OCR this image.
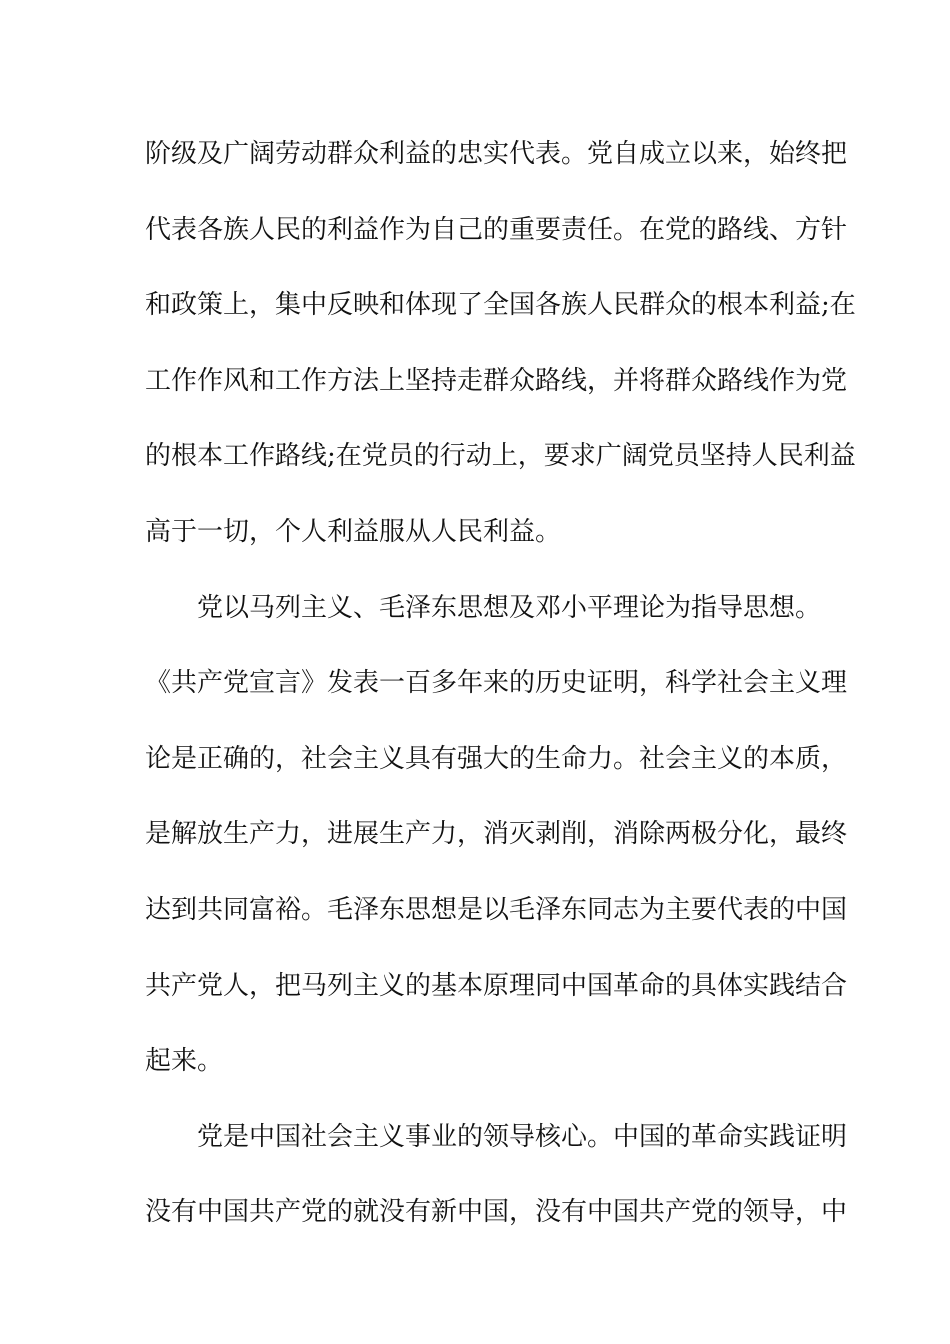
阶级及广阔劳动群众利益的忠实代表。党自成立以来，始终把
代表各族人民的利益作为自己的重要责任。在党的路线、方针
和政策上，集中反映和体现了全国各族人民群众的根本利益;在
工作作风和工作方法上坚持走群众路线，并将群众路线作为党
的根本工作路线;在党员的行动上，要求广阔党员坚持人民利益
高于一切，个人利益服从人民利益。
党以马列主义、毛泽东思想及邓小平理论为指导思想。
《共产党宣言》发表一百多年来的历史证明，科学社会主义理
论是正确的，社会主义具有强大的生命力。社会主义的本质，
是解放生产力，进展生产力，消灭剥削，消除两极分化，最终
达到共同富裕。毛泽东思想是以毛泽东同志为主要代表的中国
共产党人，把马列主义的基本原理同中国革命的具体实践结合
起来。
党是中国社会主义事业的领导核心。中国的革命实践证明
没有中国共产党的就没有新中国，没有中国共产党的领导，中
